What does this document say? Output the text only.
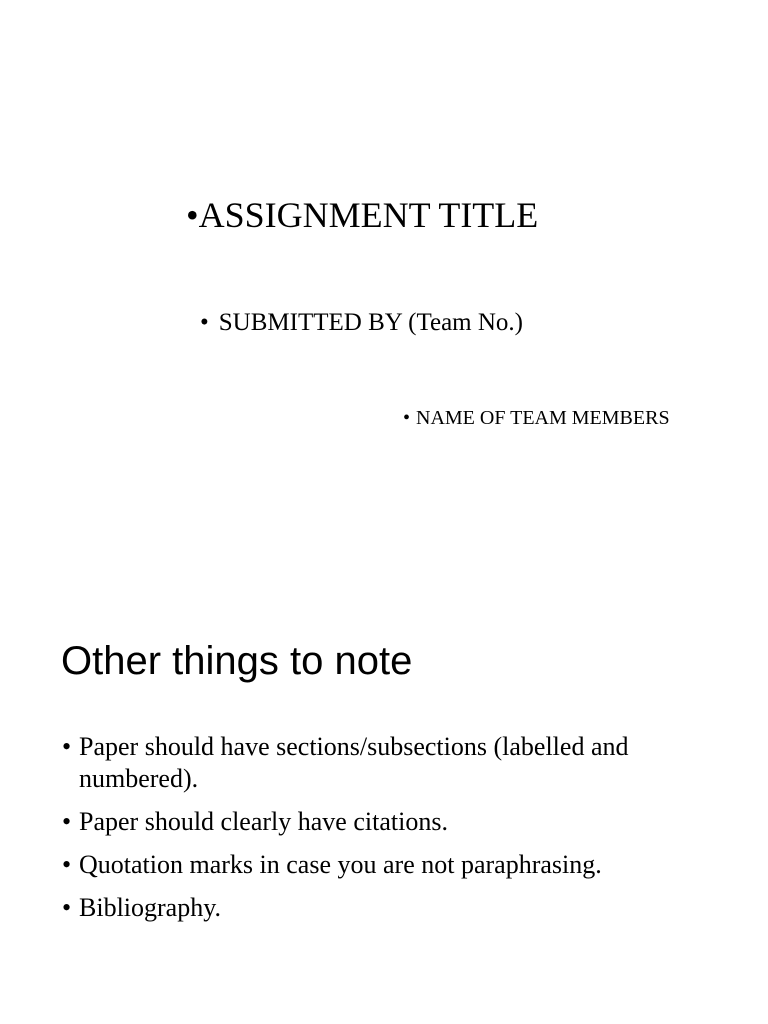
•ASSIGNMENT TITLE
• SUBMITTED BY (Team No.)
• NAME OF TEAM MEMBERS
Other things to note
• Paper should have sections/subsections (labelled and numbered).
• Paper should clearly have citations.
• Quotation marks in case you are not paraphrasing.
• Bibliography.
